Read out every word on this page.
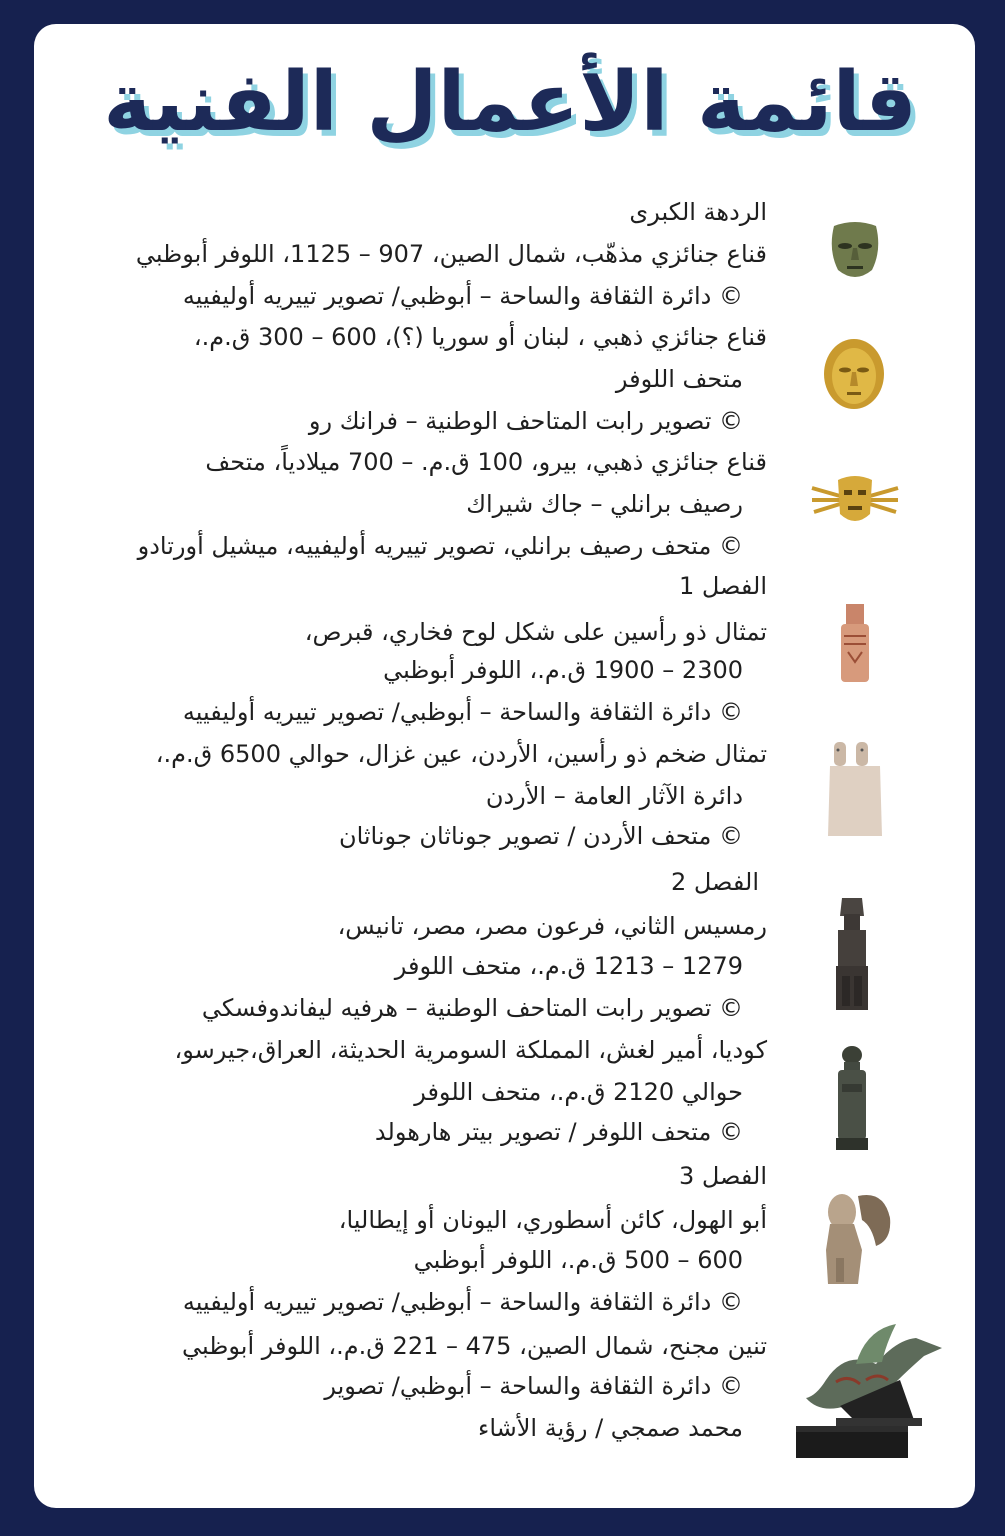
قائمة الأعمال الفنية
الردهة الكبرى
قناع جنائزي مذهّب، شمال الصين، 907 – 1125، اللوفر أبوظبي
© دائرة الثقافة والساحة – أبوظبي/ تصوير تييريه أوليفييه
قناع جنائزي ذهبي ، لبنان أو سوريا (؟)، 600 – 300 ق.م.،
متحف اللوفر
© تصوير رابت المتاحف الوطنية – فرانك رو
قناع جنائزي ذهبي، بيرو، 100 ق.م. – 700 ميلادياً، متحف
رصيف برانلي – جاك شيراك
© متحف رصيف برانلي، تصوير تييريه أوليفييه، ميشيل أورتادو
الفصل 1
تمثال ذو رأسين على شكل لوح فخاري، قبرص،
2300 – 1900 ق.م.، اللوفر أبوظبي
© دائرة الثقافة والساحة – أبوظبي/ تصوير تييريه أوليفييه
تمثال ضخم ذو رأسين، الأردن، عين غزال، حوالي 6500 ق.م.،
دائرة الآثار العامة – الأردن
© متحف الأردن / تصوير جوناثان جوناثان
الفصل 2
رمسيس الثاني، فرعون مصر، مصر، تانيس،
1279 – 1213 ق.م.، متحف اللوفر
© تصوير رابت المتاحف الوطنية – هرفيه ليفاندوفسكي
كوديا، أمير لغش، المملكة السومرية الحديثة، العراق،جيرسو،
حوالي 2120 ق.م.، متحف اللوفر
© متحف اللوفر / تصوير بيتر هارهولد
الفصل 3
أبو الهول، كائن أسطوري، اليونان أو إيطاليا،
600 – 500 ق.م.، اللوفر أبوظبي
© دائرة الثقافة والساحة – أبوظبي/ تصوير تييريه أوليفييه
تنين مجنح، شمال الصين، 475 – 221 ق.م.، اللوفر أبوظبي
© دائرة الثقافة والساحة – أبوظبي/ تصوير
محمد صمجي / رؤية الأشاء
